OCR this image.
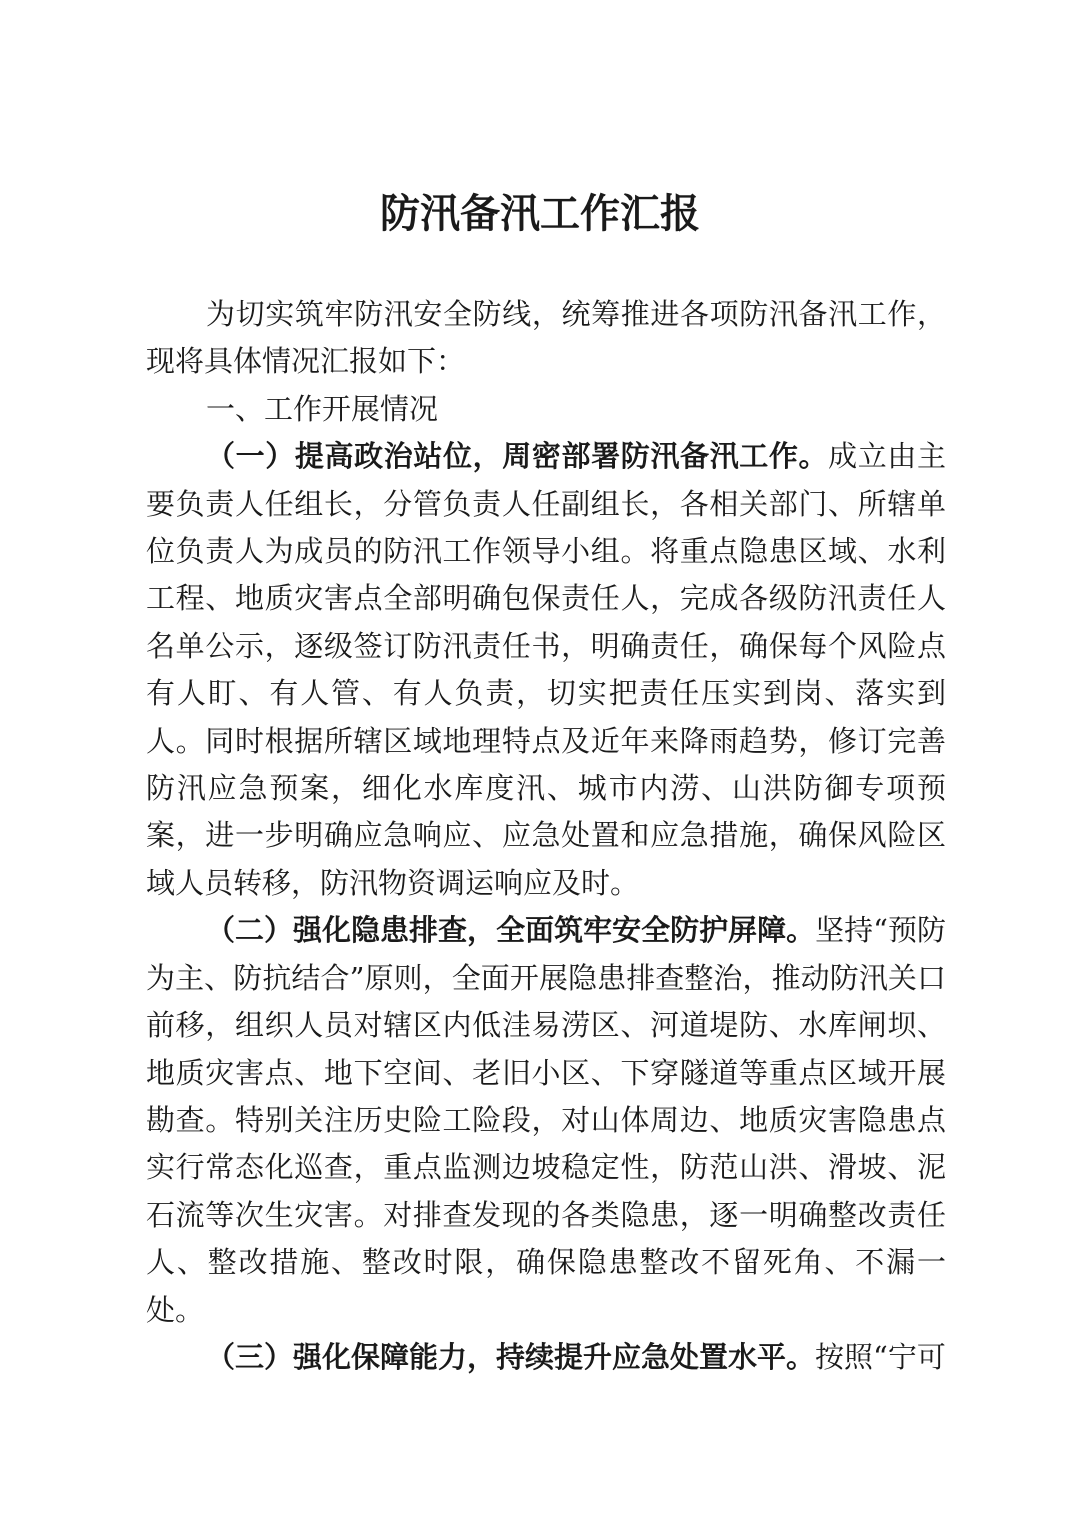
防汛备汛工作汇报

为切实筑牢防汛安全防线，统筹推进各项防汛备汛工作，现将具体情况汇报如下：

一、工作开展情况

（一）提高政治站位，周密部署防汛备汛工作。成立由主要负责人任组长，分管负责人任副组长，各相关部门、所辖单位负责人为成员的防汛工作领导小组。将重点隐患区域、水利工程、地质灾害点全部明确包保责任人，完成各级防汛责任人名单公示，逐级签订防汛责任书，明确责任，确保每个风险点有人盯、有人管、有人负责，切实把责任压实到岗、落实到人。同时根据所辖区域地理特点及近年来降雨趋势，修订完善防汛应急预案，细化水库度汛、城市内涝、山洪防御专项预案，进一步明确应急响应、应急处置和应急措施，确保风险区域人员转移，防汛物资调运响应及时。

（二）强化隐患排查，全面筑牢安全防护屏障。坚持“预防为主、防抗结合”原则，全面开展隐患排查整治，推动防汛关口前移，组织人员对辖区内低洼易涝区、河道堤防、水库闸坝、地质灾害点、地下空间、老旧小区、下穿隧道等重点区域开展勘查。特别关注历史险工险段，对山体周边、地质灾害隐患点实行常态化巡查，重点监测边坡稳定性，防范山洪、滑坡、泥石流等次生灾害。对排查发现的各类隐患，逐一明确整改责任人、整改措施、整改时限，确保隐患整改不留死角、不漏一处。

（三）强化保障能力，持续提升应急处置水平。按照“宁可
